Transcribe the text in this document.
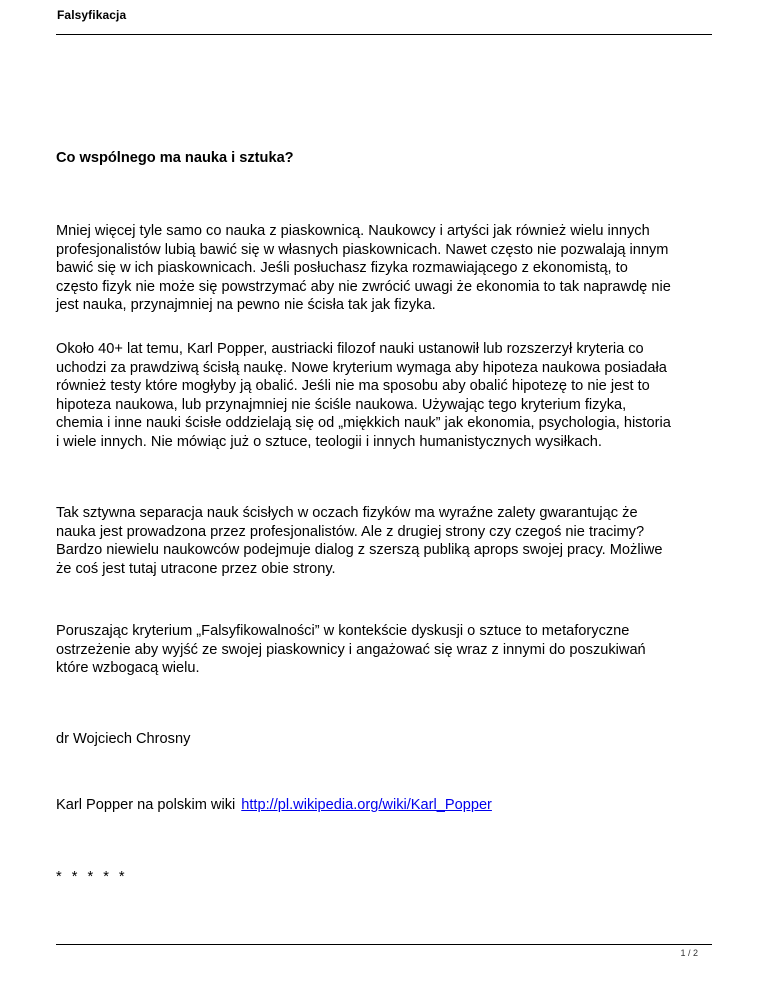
Falsyfikacja
Co wspólnego ma nauka i sztuka?
Mniej więcej tyle samo co nauka z piaskownicą. Naukowcy i artyści jak również wielu innych
profesjonalistów lubią bawić się w własnych piaskownicach. Nawet często nie pozwalają innym
bawić się w ich piaskownicach. Jeśli posłuchasz fizyka rozmawiającego z ekonomistą, to
często fizyk nie może się powstrzymać aby nie zwrócić uwagi że ekonomia to tak naprawdę nie
jest nauka, przynajmniej na pewno nie ścisła tak jak fizyka.
Około 40+ lat temu, Karl Popper, austriacki filozof nauki ustanowił lub rozszerzył kryteria co
uchodzi za prawdziwą ścisłą naukę. Nowe kryterium wymaga aby hipoteza naukowa posiadała
również testy które mogłyby ją obalić. Jeśli nie ma sposobu aby obalić hipotezę to nie jest to
hipoteza naukowa, lub przynajmniej nie ściśle naukowa. Używając tego kryterium fizyka,
chemia i inne nauki ścisłe oddzielają się od „miękkich nauk” jak ekonomia, psychologia, historia
i wiele innych. Nie mówiąc już o sztuce, teologii i innych humanistycznych wysiłkach.
Tak sztywna separacja nauk ścisłych w oczach fizyków ma wyraźne zalety gwarantując że
nauka jest prowadzona przez profesjonalistów. Ale z drugiej strony czy czegoś nie tracimy?
Bardzo niewielu naukowców podejmuje dialog z szerszą publiką aprops swojej pracy. Możliwe
że coś jest tutaj utracone przez obie strony.
Poruszając kryterium „Falsyfikowalności” w kontekście dyskusji o sztuce to metaforyczne
ostrzeżenie aby wyjść ze swojej piaskownicy i angażować się wraz z innymi do poszukiwań
które wzbogacą wielu.
dr Wojciech Chrosny
Karl Popper na polskim wiki http://pl.wikipedia.org/wiki/Karl_Popper
* * * * *
1 / 2
